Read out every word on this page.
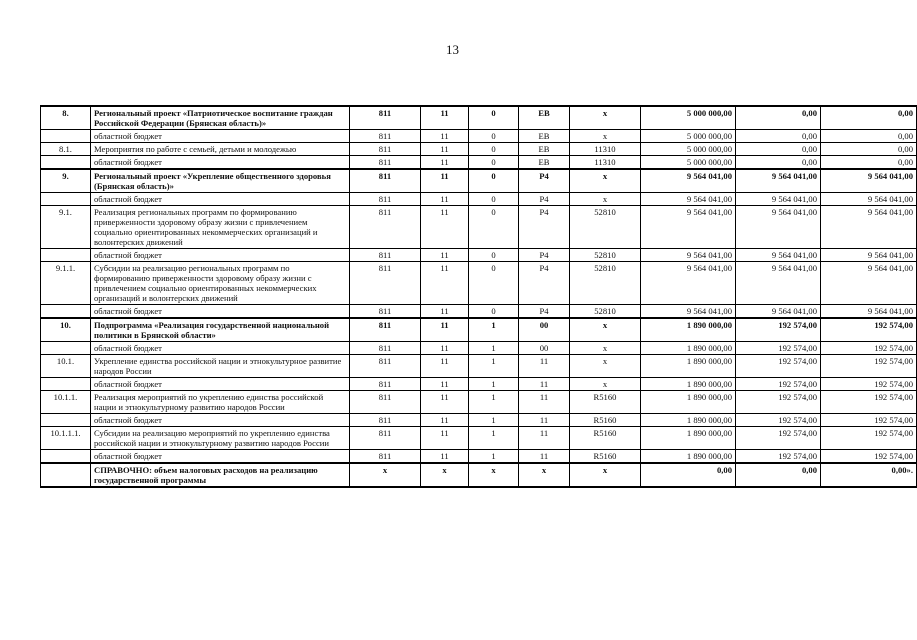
13
8.	Региональный проект «Патриотическое воспитание граждан Российской Федерации (Брянская область)»	811	11	0	EB	х	5 000 000,00	0,00	0,00
	областной бюджет	811	11	0	EB	х	5 000 000,00	0,00	0,00
8.1.	Мероприятия по работе с семьей, детьми и молодежью	811	11	0	EB	11310	5 000 000,00	0,00	0,00
	областной бюджет	811	11	0	EB	11310	5 000 000,00	0,00	0,00
9.	Региональный проект «Укрепление общественного здоровья (Брянская область)»	811	11	0	P4	х	9 564 041,00	9 564 041,00	9 564 041,00
	областной бюджет	811	11	0	P4	х	9 564 041,00	9 564 041,00	9 564 041,00
9.1.	Реализация региональных программ по формированию приверженности здоровому образу жизни с привлечением социально ориентированных некоммерческих организаций и волонтерских движений	811	11	0	P4	52810	9 564 041,00	9 564 041,00	9 564 041,00
	областной бюджет	811	11	0	P4	52810	9 564 041,00	9 564 041,00	9 564 041,00
9.1.1.	Субсидии на реализацию региональных программ по формированию приверженности здоровому образу жизни с привлечением социально ориентированных некоммерческих организаций и волонтерских движений	811	11	0	P4	52810	9 564 041,00	9 564 041,00	9 564 041,00
	областной бюджет	811	11	0	P4	52810	9 564 041,00	9 564 041,00	9 564 041,00
10.	Подпрограмма «Реализация государственной национальной политики в Брянской области»	811	11	1	00	х	1 890 000,00	192 574,00	192 574,00
	областной бюджет	811	11	1	00	х	1 890 000,00	192 574,00	192 574,00
10.1.	Укрепление единства российской нации и этнокультурное развитие народов России	811	11	1	11	х	1 890 000,00	192 574,00	192 574,00
	областной бюджет	811	11	1	11	х	1 890 000,00	192 574,00	192 574,00
10.1.1.	Реализация мероприятий по укреплению единства российской нации и этнокультурному развитию народов России	811	11	1	11	R5160	1 890 000,00	192 574,00	192 574,00
	областной бюджет	811	11	1	11	R5160	1 890 000,00	192 574,00	192 574,00
10.1.1.1.	Субсидии на реализацию мероприятий по укреплению единства российской нации и этнокультурному развитию народов России	811	11	1	11	R5160	1 890 000,00	192 574,00	192 574,00
	областной бюджет	811	11	1	11	R5160	1 890 000,00	192 574,00	192 574,00
	СПРАВОЧНО: объем налоговых расходов на реализацию государственной программы	х	х	х	х	х	0,00	0,00	0,00».
